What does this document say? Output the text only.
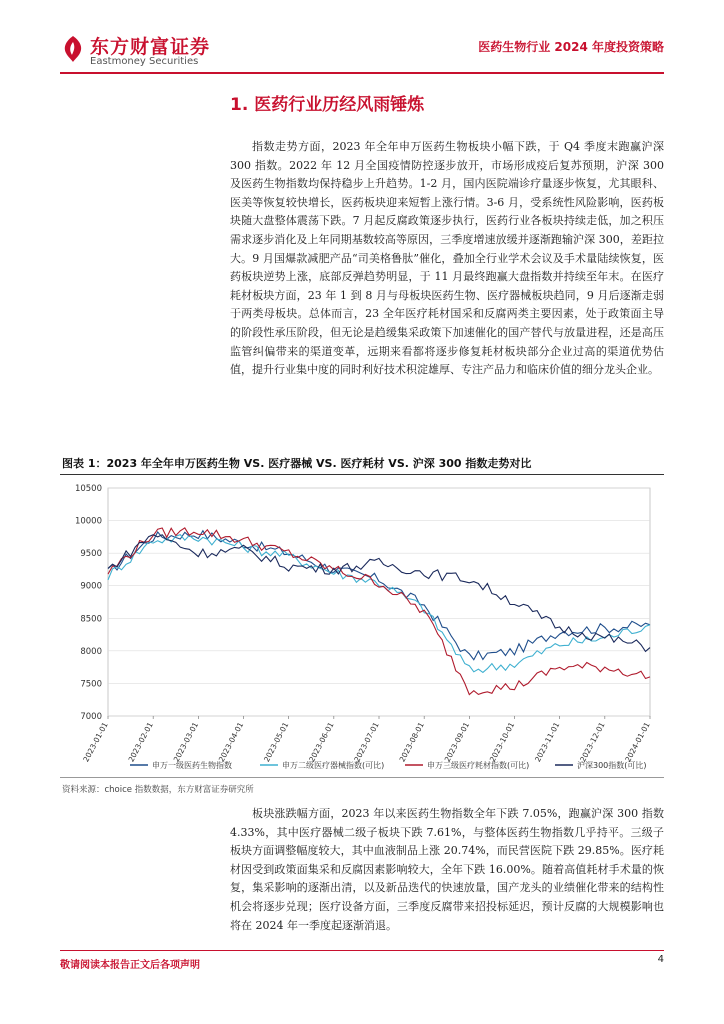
东方财富证券
Eastmoney Securities
医药生物行业 2024 年度投资策略
1. 医药行业历经风雨锤炼
指数走势方面，2023 年全年申万医药生物板块小幅下跌，于 Q4 季度末跑赢沪深 300 指数。2022 年 12 月全国疫情防控逐步放开，市场形成疫后复苏预期，沪深 300 及医药生物指数均保持稳步上升趋势。1-2 月，国内医院端诊疗量逐步恢复，尤其眼科、医美等恢复较快增长，医药板块迎来短暂上涨行情。3-6 月，受系统性风险影响，医药板块随大盘整体震荡下跌。7 月起反腐政策逐步执行，医药行业各板块持续走低，加之积压需求逐步消化及上年同期基数较高等原因，三季度增速放缓并逐渐跑输沪深 300，差距拉大。9 月国爆款减肥产品“司美格鲁肽”催化，叠加全行业学术会议及手术量陆续恢复，医药板块逆势上涨，底部反弹趋势明显，于 11 月最终跑赢大盘指数并持续至年末。在医疗耗材板块方面，23 年 1 到 8 月与母板块医药生物、医疗器械板块趋同，9 月后逐渐走弱于两类母板块。总体而言，23 全年医疗耗材国采和反腐两类主要因素，处于政策面主导的阶段性承压阶段，但无论是趋缓集采政策下加速催化的国产替代与放量进程，还是高压监管纠偏带来的渠道变革，远期来看都将逐步修复耗材板块部分企业过高的渠道优势估值，提升行业集中度的同时利好技术积淀雄厚、专注产品力和临床价值的细分龙头企业。
图表 1：2023 年全年申万医药生物 VS. 医疗器械 VS. 医疗耗材 VS. 沪深 300 指数走势对比
7000
7500
8000
8500
9000
9500
10000
10500
2023-01-01 2023-02-01 2023-03-01 2023-04-01 2023-05-01 2023-06-01 2023-07-01 2023-08-01 2023-09-01 2023-10-01 2023-11-01 2023-12-01 2024-01-01
申万一级医药生物指数	申万二级医疗器械指数(可比)	申万三级医疗耗材指数(可比)	沪深300指数(可比)
资料来源：choice 指数数据，东方财富证券研究所
板块涨跌幅方面，2023 年以来医药生物指数全年下跌 7.05%，跑赢沪深 300 指数 4.33%，其中医疗器械二级子板块下跌 7.61%，与整体医药生物指数几乎持平。三级子板块方面调整幅度较大，其中血液制品上涨 20.74%，而民营医院下跌 29.85%。医疗耗材因受到政策面集采和反腐因素影响较大，全年下跌 16.00%。随着高值耗材手术量的恢复，集采影响的逐渐出清，以及新品迭代的快速放量，国产龙头的业绩催化带来的结构性机会将逐步兑现；医疗设备方面，三季度反腐带来招投标延迟，预计反腐的大规模影响也将在 2024 年一季度起逐渐消退。
敬请阅读本报告正文后各项声明
4
